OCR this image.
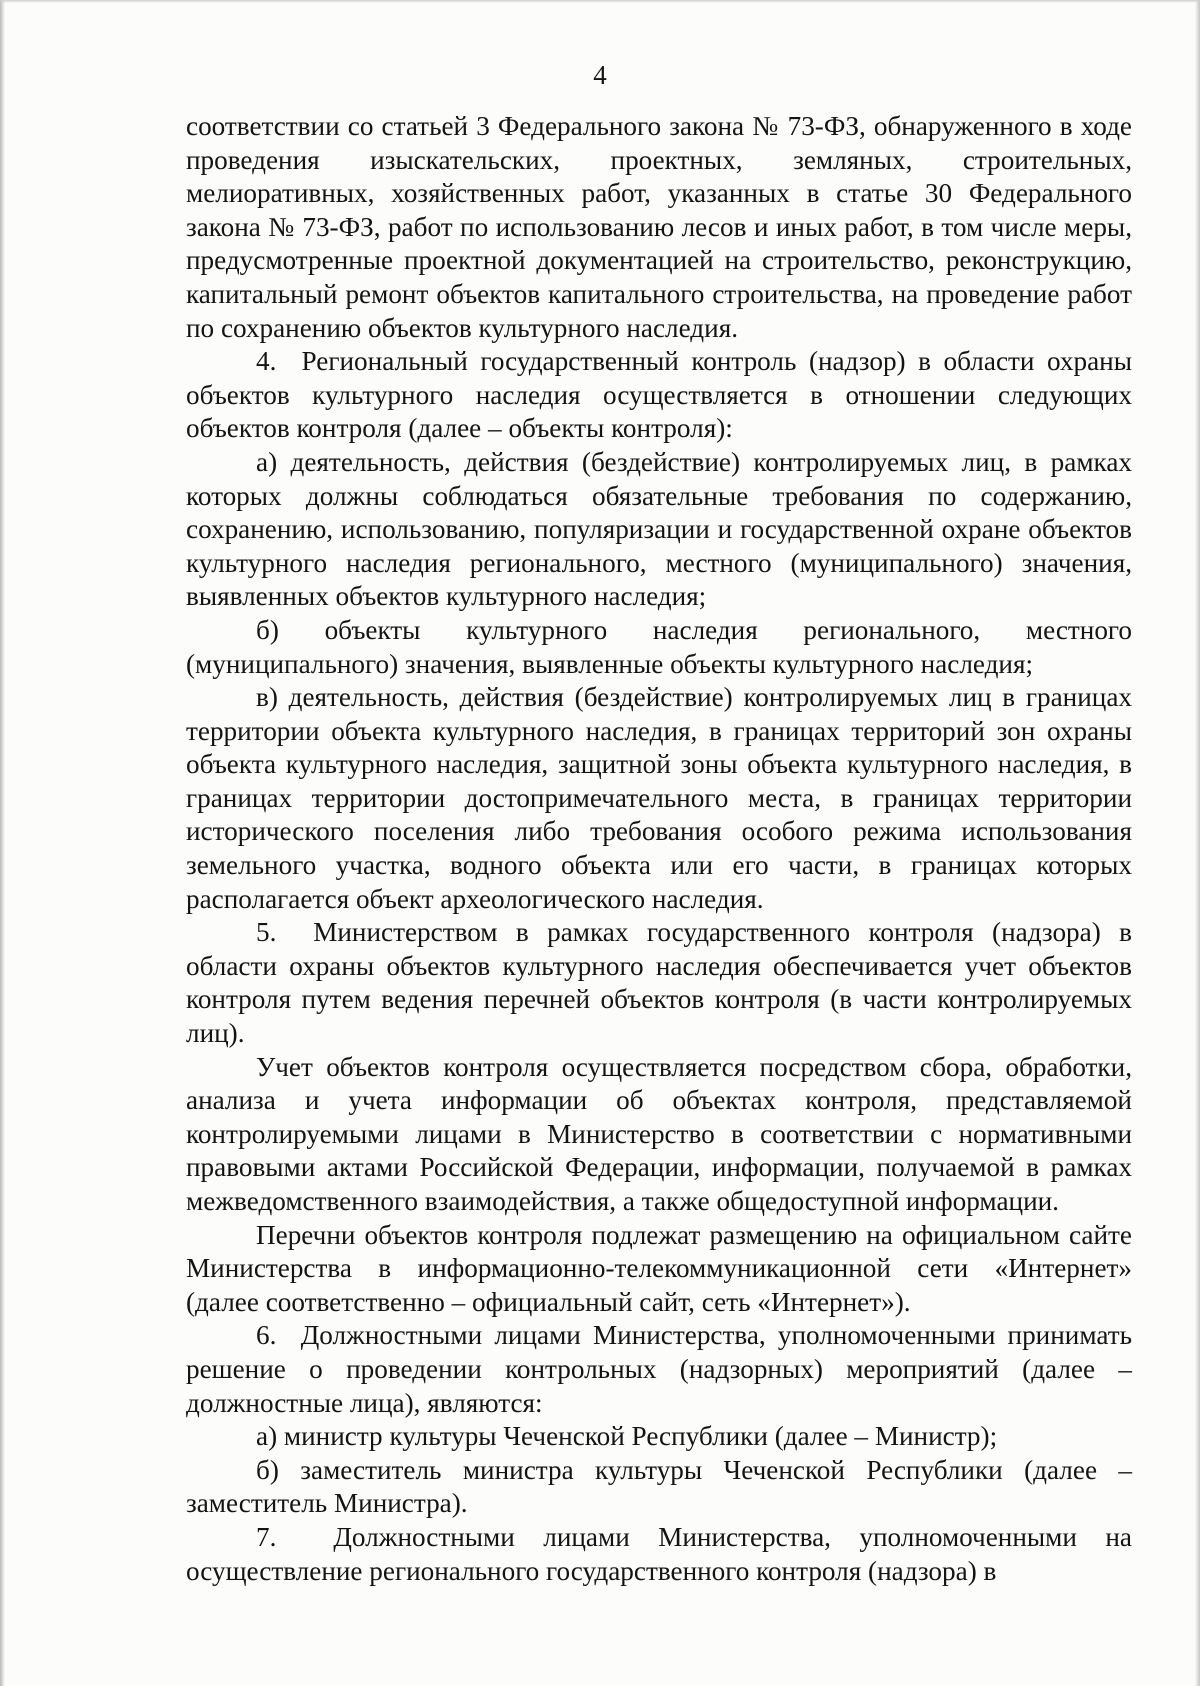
4

соответствии со статьей 3 Федерального закона № 73-ФЗ, обнаруженного в ходе проведения изыскательских, проектных, земляных, строительных, мелиоративных, хозяйственных работ, указанных в статье 30 Федерального закона № 73-ФЗ, работ по использованию лесов и иных работ, в том числе меры, предусмотренные проектной документацией на строительство, реконструкцию, капитальный ремонт объектов капитального строительства, на проведение работ по сохранению объектов культурного наследия.

4.  Региональный государственный контроль (надзор) в области охраны объектов культурного наследия осуществляется в отношении следующих объектов контроля (далее – объекты контроля):

а) деятельность, действия (бездействие) контролируемых лиц, в рамках которых должны соблюдаться обязательные требования по содержанию, сохранению, использованию, популяризации и государственной охране объектов культурного наследия регионального, местного (муниципального) значения, выявленных объектов культурного наследия;

б) объекты культурного наследия регионального, местного (муниципального) значения, выявленные объекты культурного наследия;

в) деятельность, действия (бездействие) контролируемых лиц в границах территории объекта культурного наследия, в границах территорий зон охраны объекта культурного наследия, защитной зоны объекта культурного наследия, в границах территории достопримечательного места, в границах территории исторического поселения либо требования особого режима использования земельного участка, водного объекта или его части, в границах которых располагается объект археологического наследия.

5.  Министерством в рамках государственного контроля (надзора) в области охраны объектов культурного наследия обеспечивается учет объектов контроля путем ведения перечней объектов контроля (в части контролируемых лиц).

Учет объектов контроля осуществляется посредством сбора, обработки, анализа и учета информации об объектах контроля, представляемой контролируемыми лицами в Министерство в соответствии с нормативными правовыми актами Российской Федерации, информации, получаемой в рамках межведомственного взаимодействия, а также общедоступной информации.

Перечни объектов контроля подлежат размещению на официальном сайте Министерства в информационно-телекоммуникационной сети «Интернет» (далее соответственно – официальный сайт, сеть «Интернет»).

6.  Должностными лицами Министерства, уполномоченными принимать решение о проведении контрольных (надзорных) мероприятий (далее – должностные лица), являются:

а) министр культуры Чеченской Республики (далее – Министр);

б) заместитель министра культуры Чеченской Республики (далее – заместитель Министра).

7.  Должностными лицами Министерства, уполномоченными на осуществление регионального государственного контроля (надзора) в
